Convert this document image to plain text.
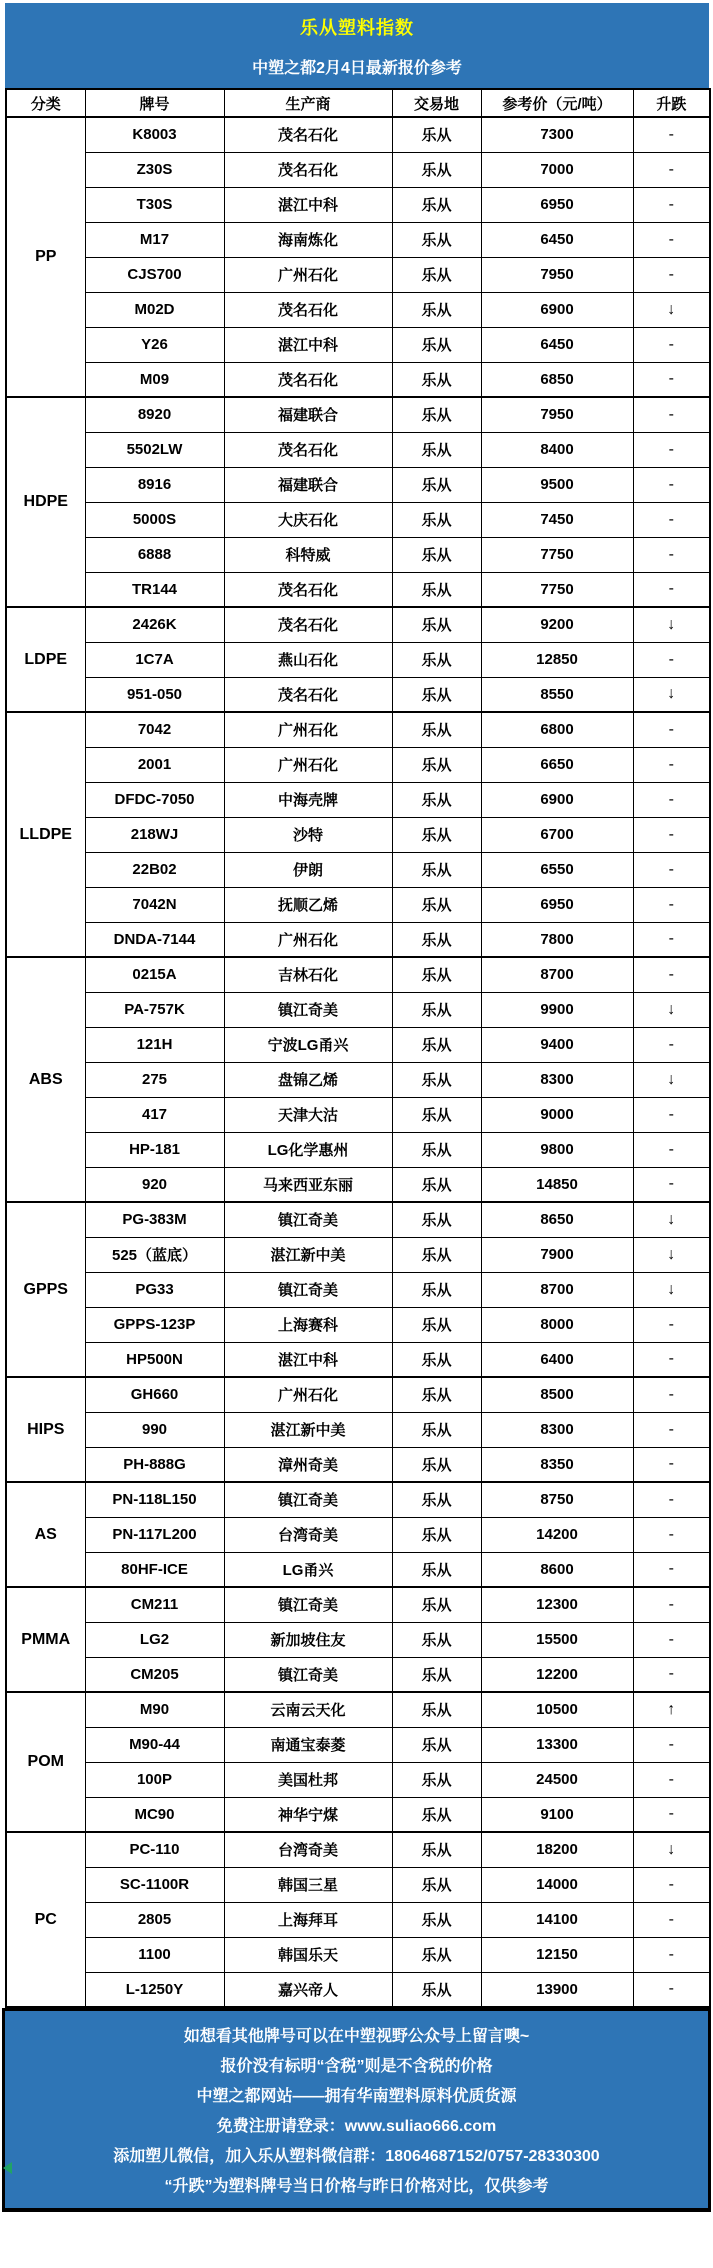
乐从塑料指数
中塑之都2月4日最新报价参考
分类	牌号	生产商	交易地	参考价（元/吨）	升跌
PP	K8003	茂名石化	乐从	7300	-
	Z30S	茂名石化	乐从	7000	-
	T30S	湛江中科	乐从	6950	-
	M17	海南炼化	乐从	6450	-
	CJS700	广州石化	乐从	7950	-
	M02D	茂名石化	乐从	6900	↓
	Y26	湛江中科	乐从	6450	-
	M09	茂名石化	乐从	6850	-
HDPE	8920	福建联合	乐从	7950	-
	5502LW	茂名石化	乐从	8400	-
	8916	福建联合	乐从	9500	-
	5000S	大庆石化	乐从	7450	-
	6888	科特威	乐从	7750	-
	TR144	茂名石化	乐从	7750	-
LDPE	2426K	茂名石化	乐从	9200	↓
	1C7A	燕山石化	乐从	12850	-
	951-050	茂名石化	乐从	8550	↓
LLDPE	7042	广州石化	乐从	6800	-
	2001	广州石化	乐从	6650	-
	DFDC-7050	中海壳牌	乐从	6900	-
	218WJ	沙特	乐从	6700	-
	22B02	伊朗	乐从	6550	-
	7042N	抚顺乙烯	乐从	6950	-
	DNDA-7144	广州石化	乐从	7800	-
ABS	0215A	吉林石化	乐从	8700	-
	PA-757K	镇江奇美	乐从	9900	↓
	121H	宁波LG甬兴	乐从	9400	-
	275	盘锦乙烯	乐从	8300	↓
	417	天津大沽	乐从	9000	-
	HP-181	LG化学惠州	乐从	9800	-
	920	马来西亚东丽	乐从	14850	-
GPPS	PG-383M	镇江奇美	乐从	8650	↓
	525（蓝底）	湛江新中美	乐从	7900	↓
	PG33	镇江奇美	乐从	8700	↓
	GPPS-123P	上海赛科	乐从	8000	-
	HP500N	湛江中科	乐从	6400	-
HIPS	GH660	广州石化	乐从	8500	-
	990	湛江新中美	乐从	8300	-
	PH-888G	漳州奇美	乐从	8350	-
AS	PN-118L150	镇江奇美	乐从	8750	-
	PN-117L200	台湾奇美	乐从	14200	-
	80HF-ICE	LG甬兴	乐从	8600	-
PMMA	CM211	镇江奇美	乐从	12300	-
	LG2	新加坡住友	乐从	15500	-
	CM205	镇江奇美	乐从	12200	-
POM	M90	云南云天化	乐从	10500	↑
	M90-44	南通宝泰菱	乐从	13300	-
	100P	美国杜邦	乐从	24500	-
	MC90	神华宁煤	乐从	9100	-
PC	PC-110	台湾奇美	乐从	18200	↓
	SC-1100R	韩国三星	乐从	14000	-
	2805	上海拜耳	乐从	14100	-
	1100	韩国乐天	乐从	12150	-
	L-1250Y	嘉兴帝人	乐从	13900	-
如想看其他牌号可以在中塑视野公众号上留言噢~
报价没有标明“含税”则是不含税的价格
中塑之都网站——拥有华南塑料原料优质货源
免费注册请登录：www.suliao666.com
添加塑儿微信，加入乐从塑料微信群：18064687152/0757-28330300
“升跌”为塑料牌号当日价格与昨日价格对比，仅供参考
